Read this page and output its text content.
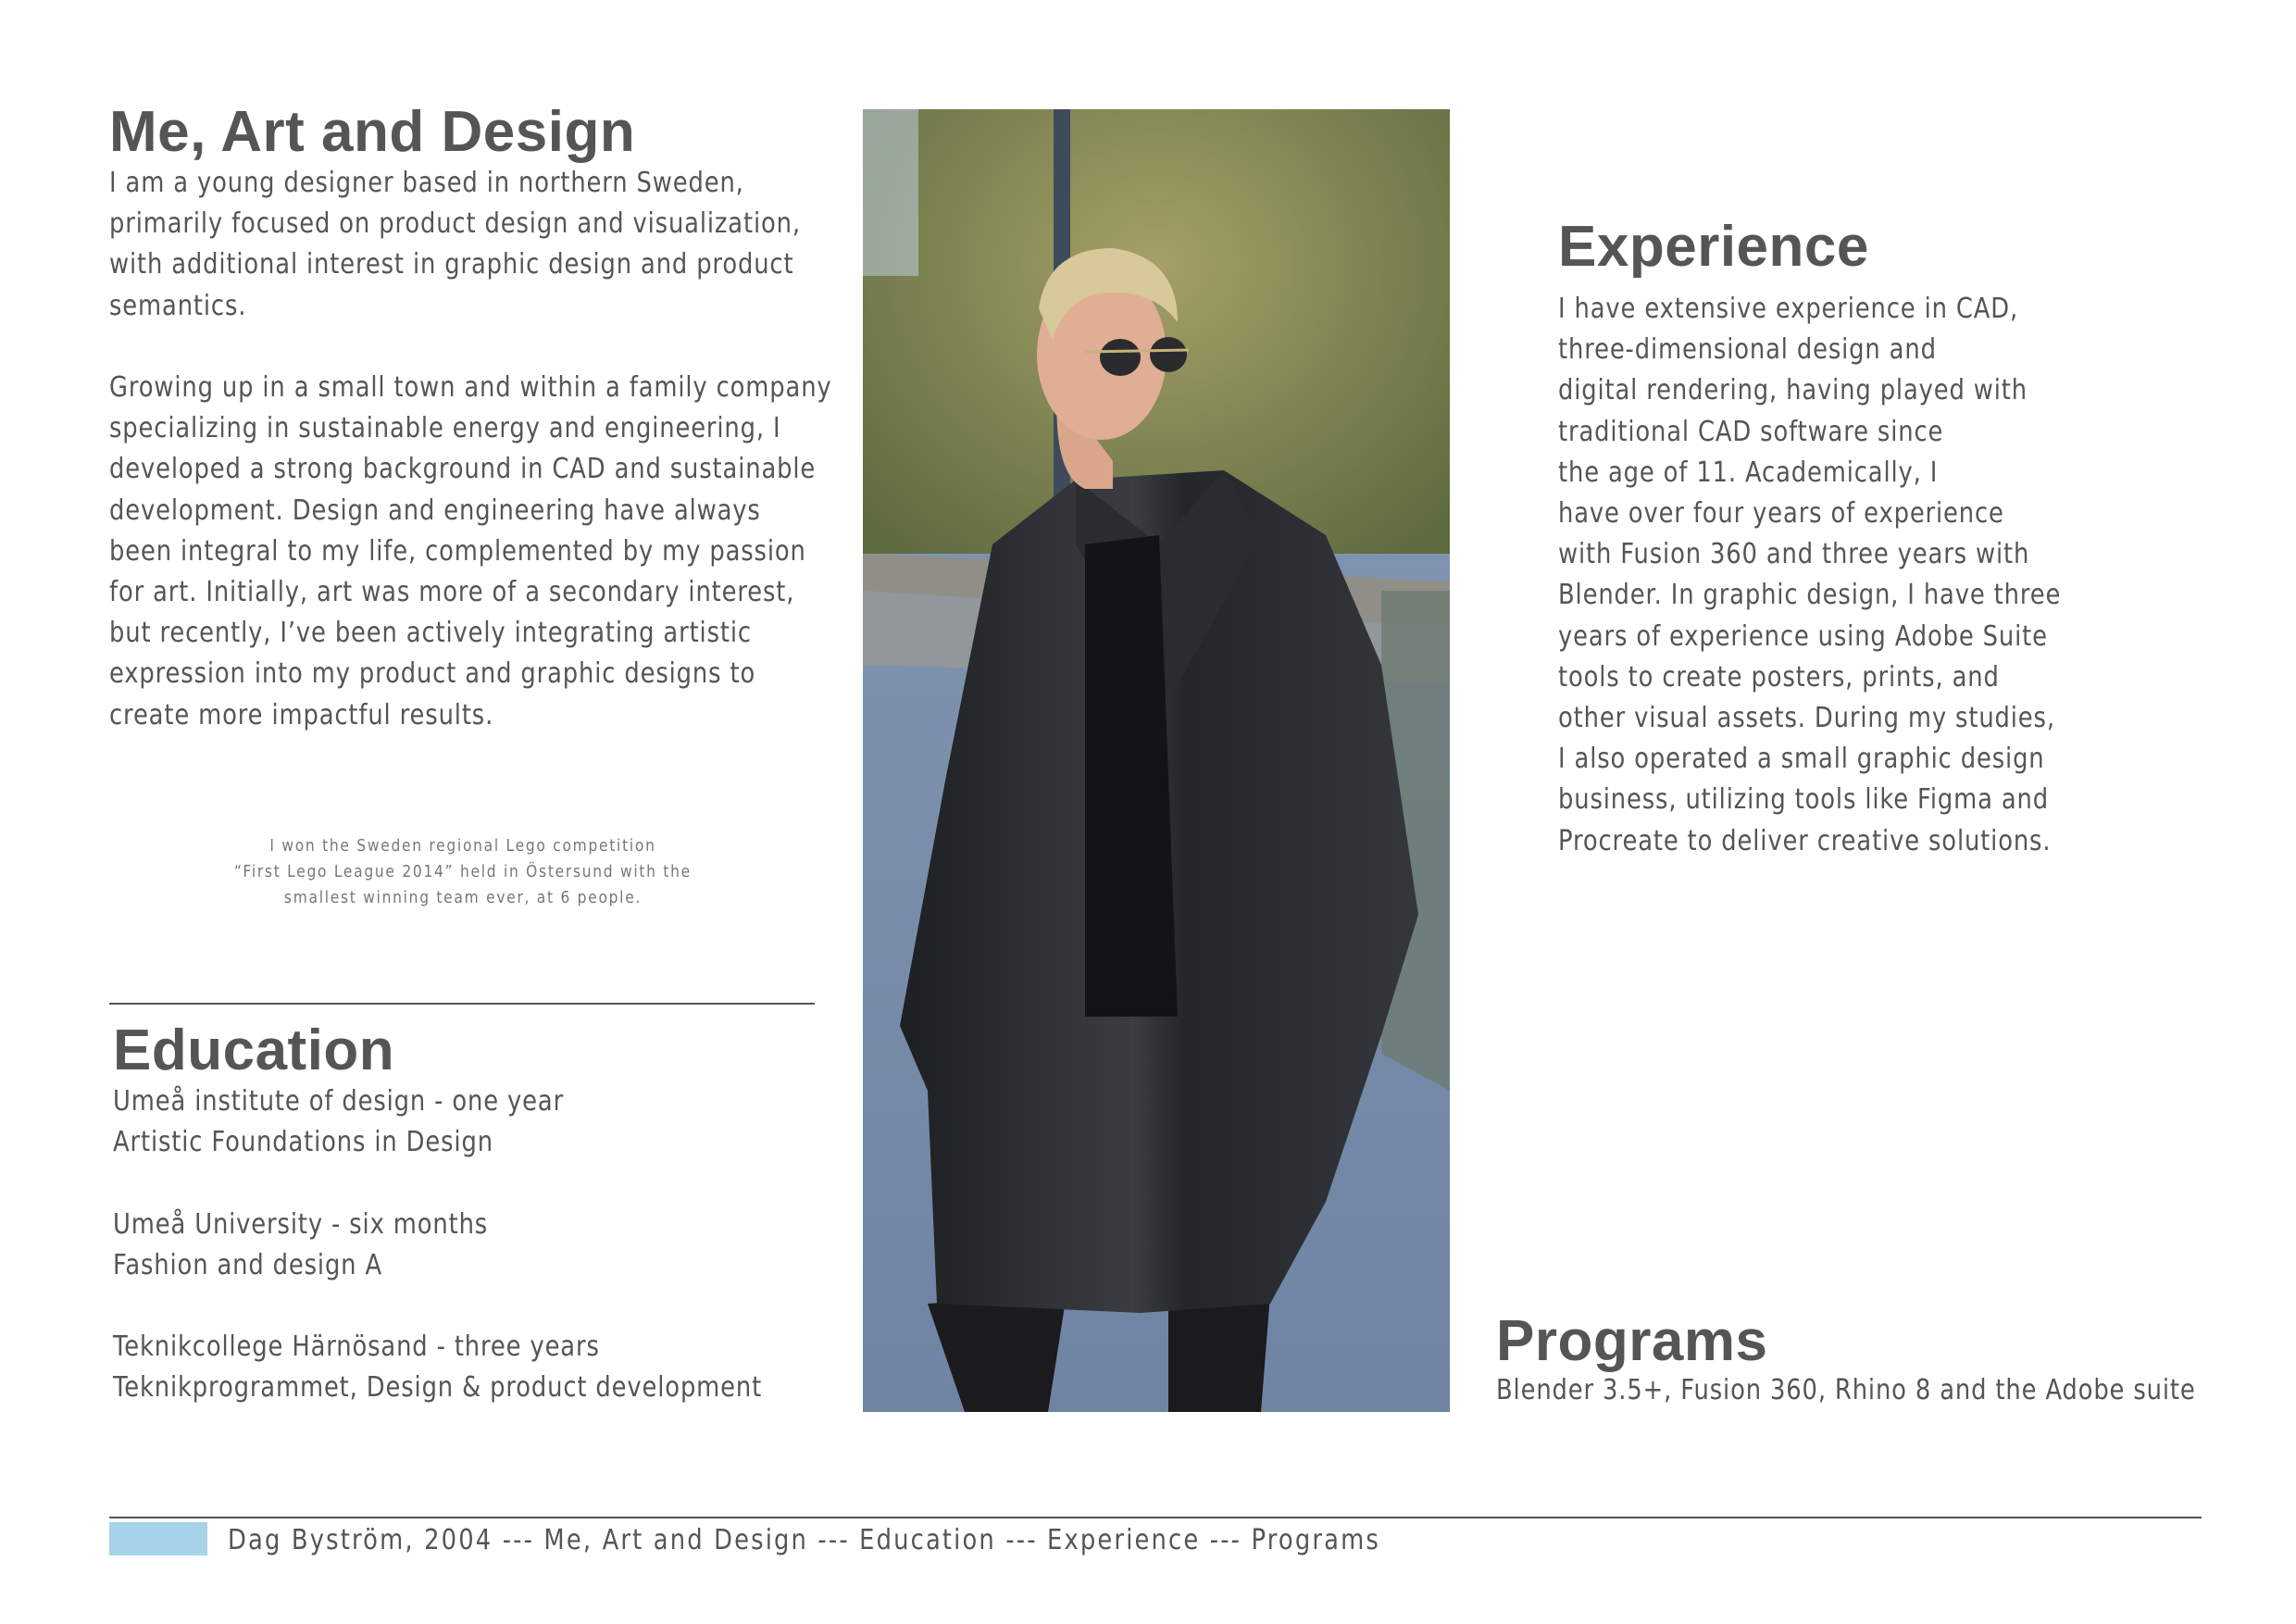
Me, Art and Design
I am a young designer based in northern Sweden,
primarily focused on product design and visualization,
with additional interest in graphic design and product
semantics.
Growing up in a small town and within a family company
specializing in sustainable energy and engineering, I
developed a strong background in CAD and sustainable
development. Design and engineering have always
been integral to my life, complemented by my passion
for art. Initially, art was more of a secondary interest,
but recently, I’ve been actively integrating artistic
expression into my product and graphic designs to
create more impactful results.
I won the Sweden regional Lego competition
“First Lego League 2014” held in Östersund with the
smallest winning team ever, at 6 people.
Education
Umeå institute of design - one year
Artistic Foundations in Design
Umeå University - six months
Fashion and design A
Teknikcollege Härnösand - three years
Teknikprogrammet, Design & product development
Experience
I have extensive experience in CAD,
three-dimensional design and
digital rendering, having played with
traditional CAD software since
the age of 11. Academically, I
have over four years of experience
with Fusion 360 and three years with
Blender. In graphic design, I have three
years of experience using Adobe Suite
tools to create posters, prints, and
other visual assets. During my studies,
I also operated a small graphic design
business, utilizing tools like Figma and
Procreate to deliver creative solutions.
Programs
Blender 3.5+, Fusion 360, Rhino 8 and the Adobe suite
Dag Byström, 2004 --- Me, Art and Design --- Education --- Experience --- Programs
